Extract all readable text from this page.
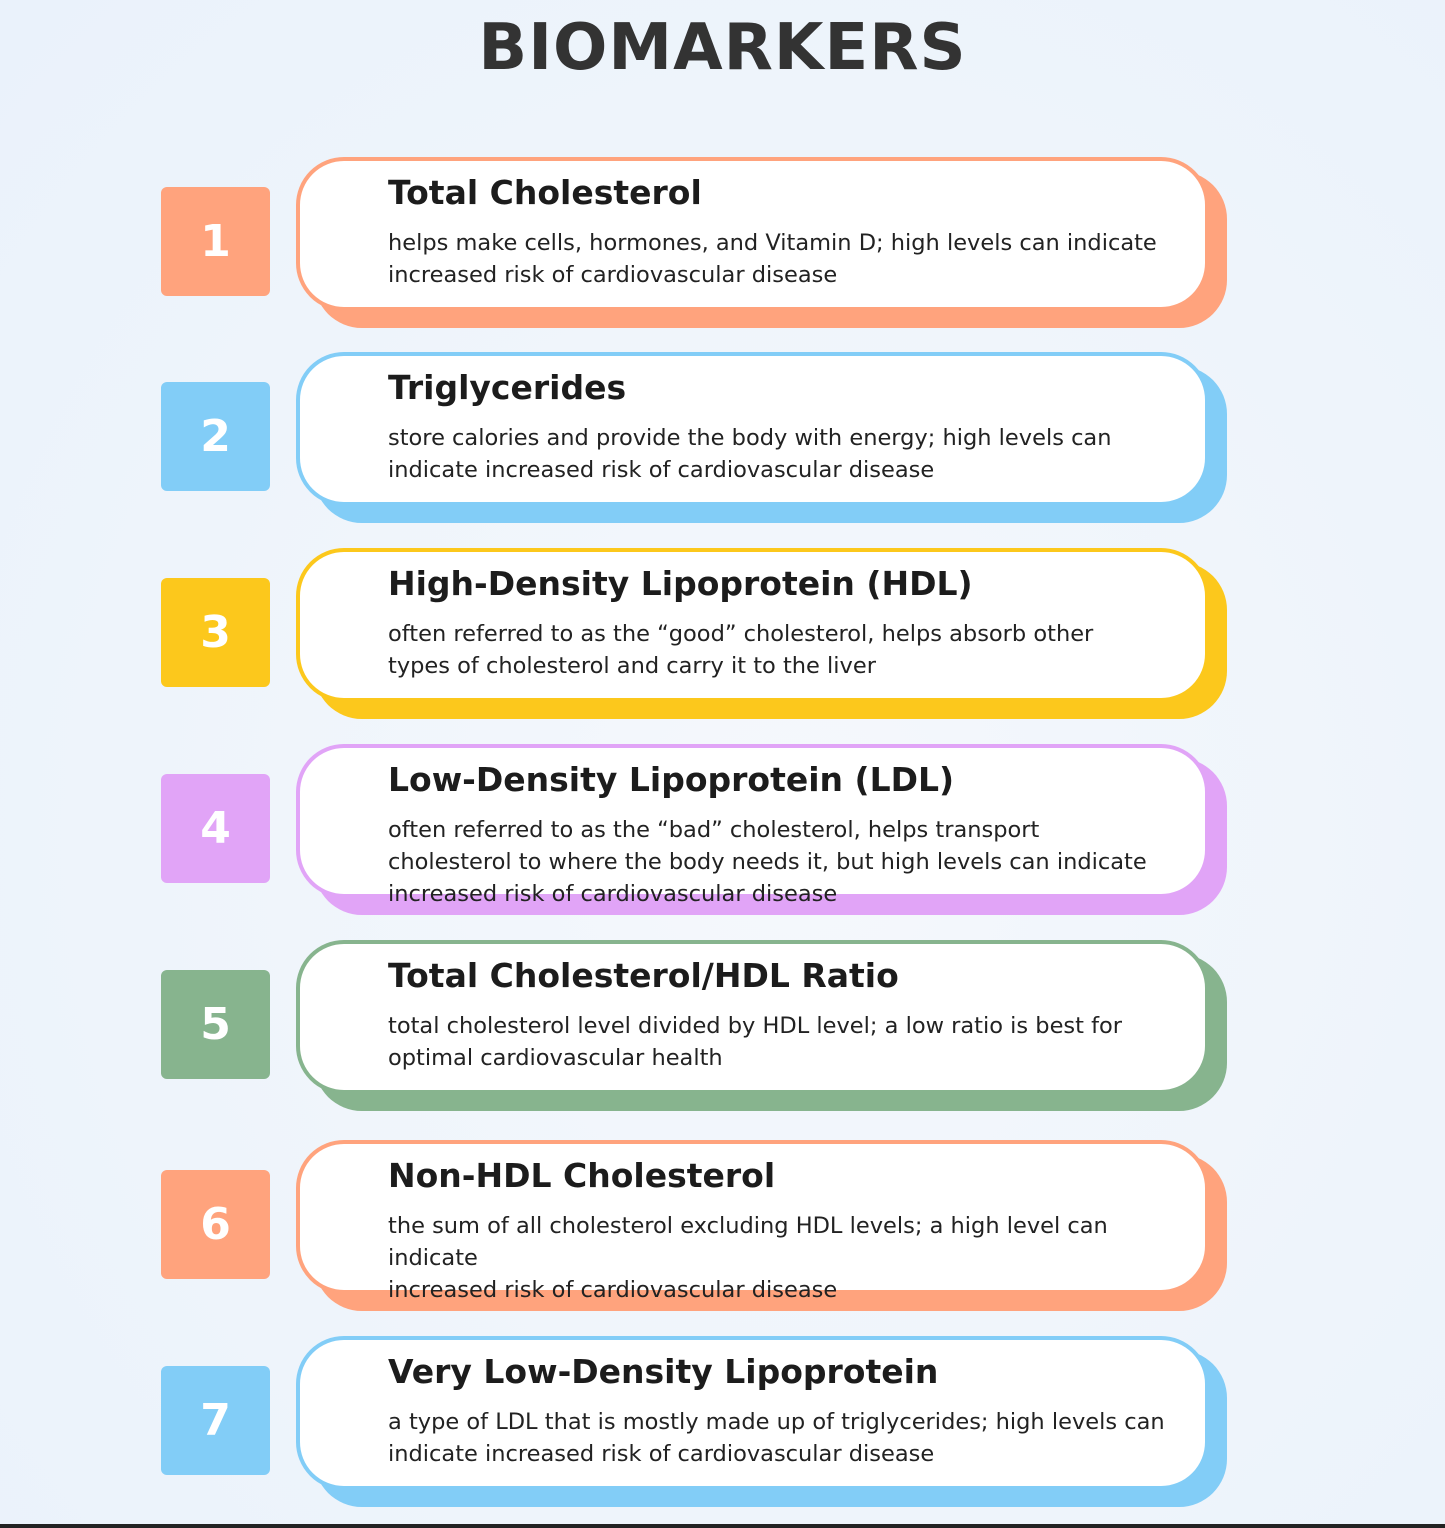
BIOMARKERS
1
Total Cholesterol
helps make cells, hormones, and Vitamin D; high levels can indicate
increased risk of cardiovascular disease
2
Triglycerides
store calories and provide the body with energy; high levels can
indicate increased risk of cardiovascular disease
3
High-Density Lipoprotein (HDL)
often referred to as the “good” cholesterol, helps absorb other
types of cholesterol and carry it to the liver
4
Low-Density Lipoprotein (LDL)
often referred to as the “bad” cholesterol, helps transport
cholesterol to where the body needs it, but high levels can indicate
increased risk of cardiovascular disease
5
Total Cholesterol/HDL Ratio
total cholesterol level divided by HDL level; a low ratio is best for
optimal cardiovascular health
6
Non-HDL Cholesterol
the sum of all cholesterol excluding HDL levels; a high level can indicate
increased risk of cardiovascular disease
7
Very Low-Density Lipoprotein
a type of LDL that is mostly made up of triglycerides; high levels can
indicate increased risk of cardiovascular disease
